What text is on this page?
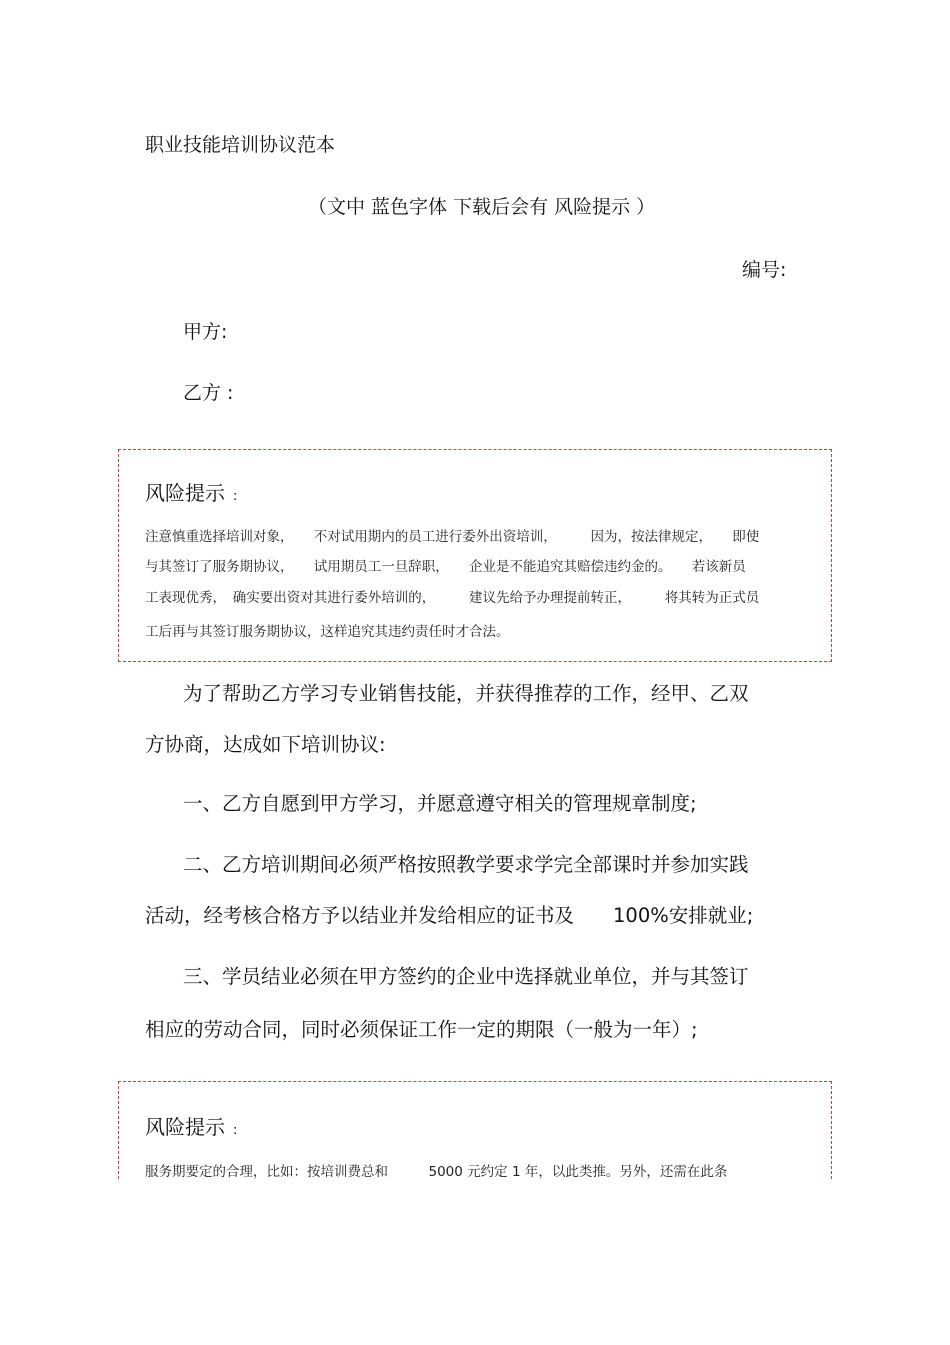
职业技能培训协议范本
（文中 蓝色字体 下载后会有 风险提示 ）
编号:
甲方:
乙方 :
风险提示 :
注意慎重选择培训对象，　　不对试用期内的员工进行委外出资培训，　　　因为，按法律规定，　　即使
与其签订了服务期协议，　　试用期员工一旦辞职，　　企业是不能追究其赔偿违约金的。　　若该新员
工表现优秀，　确实要出资对其进行委外培训的，　　　建议先给予办理提前转正，　　　将其转为正式员
工后再与其签订服务期协议，这样追究其违约责任时才合法。
为了帮助乙方学习专业销售技能，并获得推荐的工作，经甲、乙双
方协商，达成如下培训协议:
一、乙方自愿到甲方学习，并愿意遵守相关的管理规章制度;
二、乙方培训期间必须严格按照教学要求学完全部课时并参加实践
活动，经考核合格方予以结业并发给相应的证书及　　100%安排就业;
三、学员结业必须在甲方签约的企业中选择就业单位，并与其签订
相应的劳动合同，同时必须保证工作一定的期限（一般为一年）;
风险提示 :
服务期要定的合理，比如：按培训费总和　　　5000 元约定 1 年，以此类推。另外，还需在此条
